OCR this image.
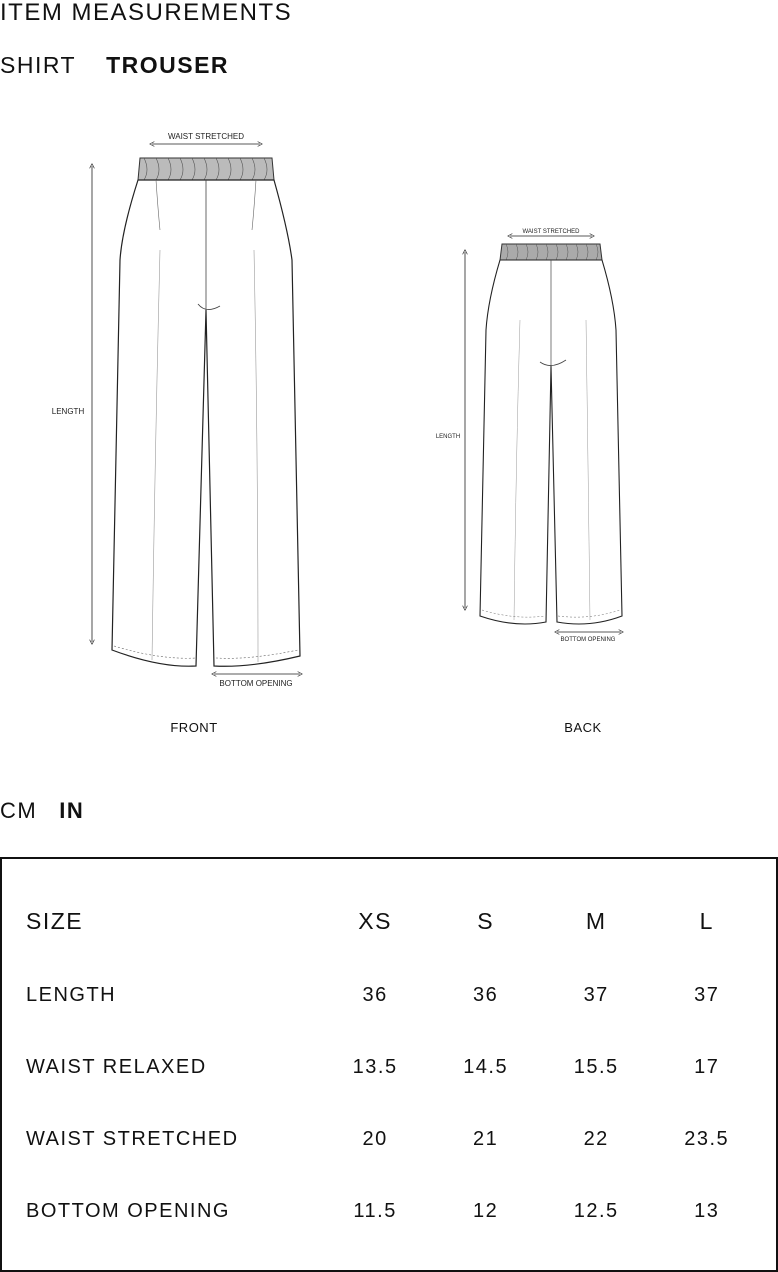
ITEM MEASUREMENTS
SHIRT TROUSER
WAIST STRETCHED
LENGTH
BOTTOM OPENING
FRONT
WAIST STRETCHED
LENGTH
BOTTOM OPENING
BACK
CM IN
SIZE	XS	S	M	L
LENGTH	36	36	37	37
WAIST RELAXED	13.5	14.5	15.5	17
WAIST STRETCHED	20	21	22	23.5
BOTTOM OPENING	11.5	12	12.5	13
